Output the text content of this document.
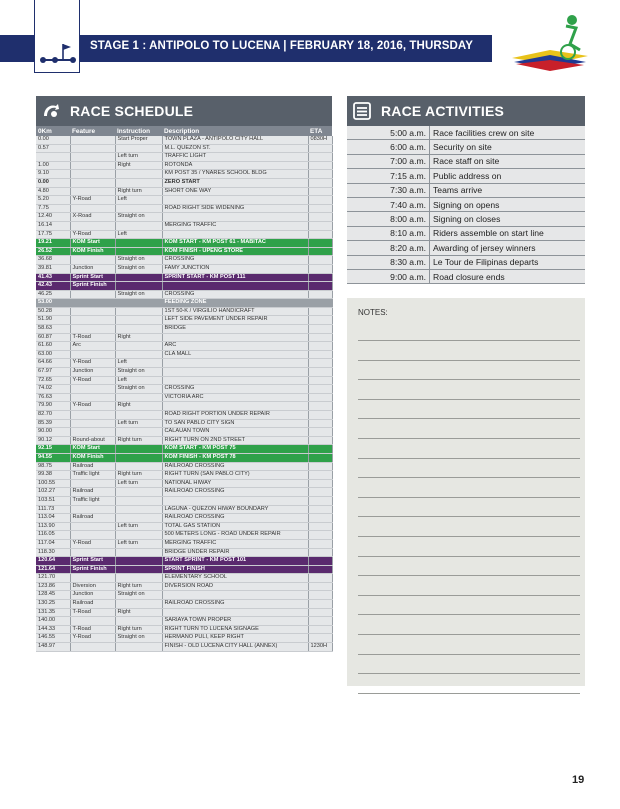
STAGE 1 : ANTIPOLO TO LUCENA | FEBRUARY 18, 2016, THURSDAY
RACE SCHEDULE
0Km	Feature	Instruction	Description	ETA
0.00		Start Proper	TOWN PLAZA - ANTIPOLO CITY HALL	0830H
0.57			M.L. QUEZON ST.	
		Left turn	TRAFFIC LIGHT	
1.00		Right	ROTONDA	
9.10			KM POST 35 / YNARES SCHOOL BLDG	
0.00			ZERO START	
4.80		Right turn	SHORT ONE WAY	
5.20	Y-Road	Left		
7.75			ROAD RIGHT SIDE WIDENING	
12.40	X-Road	Straight on		
16.14			MERGING TRAFFIC	
17.75	Y-Road	Left		
19.21	KOM Start		KOM START - KM POST 61 - MABITAC	
26.52	KOM Finish		KOM FINISH - UPENG STORE	
36.68		Straight on	CROSSING	
39.81	Junction	Straight on	FAMY JUNCTION	
41.43	Sprint Start		SPRINT START - KM POST 111	
42.43	Sprint Finish			
46.25		Straight on	CROSSING	
53.00			FEEDING ZONE	
50.28			1ST 50-K / VIRGILIO HANDICRAFT	
51.90			LEFT SIDE PAVEMENT UNDER REPAIR	
58.63			BRIDGE	
60.87	T-Road	Right		
61.60	Arc		ARC	
63.00			CLA MALL	
64.66	Y-Road	Left		
67.97	Junction	Straight on		
72.65	Y-Road	Left		
74.02		Straight on	CROSSING	
76.63			VICTORIA ARC	
79.90	Y-Road	Right		
82.70			ROAD RIGHT PORTION UNDER REPAIR	
85.39		Left turn	TO SAN PABLO CITY SIGN	
90.00			CALAUAN TOWN	
90.12	Round-about	Right turn	RIGHT TURN ON 2ND STREET	
92.15	KOM Start		KOM START - KM POST 75	
94.55	KOM Finish		KOM FINISH - KM POST 78	
98.75	Railroad		RAILROAD CROSSING	
99.38	Traffic light	Right turn	RIGHT TURN (SAN PABLO CITY)	
100.55		Left turn	NATIONAL HIWAY	
102.27	Railroad		RAILROAD CROSSING	
103.51	Traffic light			
111.73			LAGUNA - QUEZON HIWAY BOUNDARY	
113.04	Railroad		RAILROAD CROSSING	
113.90		Left turn	TOTAL GAS STATION	
116.05			500 METERS LONG - ROAD UNDER REPAIR	
117.04	Y-Road	Left turn	MERGING TRAFFIC	
118.30			BRIDGE UNDER REPAIR	
120.64	Sprint Start		START SPRINT - KM POST 101	
121.64	Sprint Finish		SPRINT FINISH	
121.70			ELEMENTARY SCHOOL	
123.86	Diversion	Right turn	DIVERSION ROAD	
128.45	Junction	Straight on		
130.25	Railroad		RAILROAD CROSSING	
131.35	T-Road	Right		
140.00			SARIAYA TOWN PROPER	
144.33	T-Road	Right turn	RIGHT TURN TO LUCENA SIGNAGE	
146.55	Y-Road	Straight on	HERMANO PULI, KEEP RIGHT	
148.97			FINISH - OLD LUCENA CITY HALL (ANNEX)	1230H
RACE ACTIVITIES
5:00 a.m.	Race facilities crew on site
6:00 a.m.	Security on site
7:00 a.m.	Race staff on site
7:15 a.m.	Public address on
7:30 a.m.	Teams arrive
7:40 a.m.	Signing on opens
8:00 a.m.	Signing on closes
8:10 a.m.	Riders assemble on start line
8:20 a.m.	Awarding of jersey winners
8:30 a.m.	Le Tour de Filipinas departs
9:00 a.m.	Road closure ends
NOTES:
19
